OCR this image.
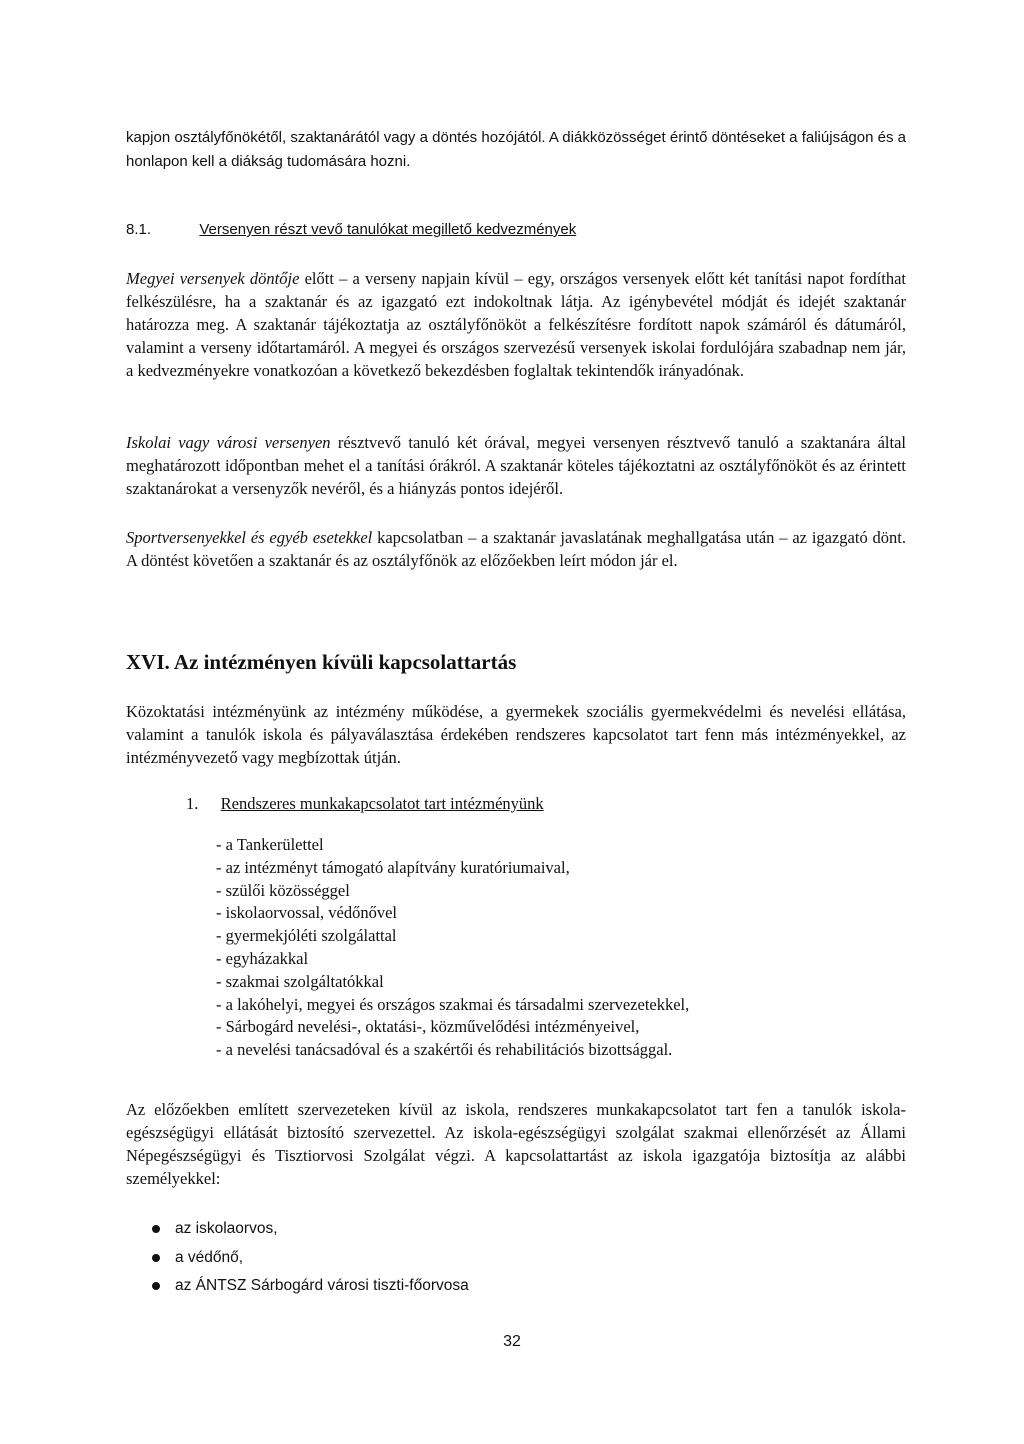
kapjon osztályfőnökétől, szaktanárától vagy a döntés hozójától. A diákközösséget érintő döntéseket a faliújságon és a honlapon kell a diákság tudomására hozni.

8.1.	Versenyen részt vevő tanulókat megillető kedvezmények

Megyei versenyek döntője előtt – a verseny napjain kívül – egy, országos versenyek előtt két tanítási napot fordíthat felkészülésre, ha a szaktanár és az igazgató ezt indokoltnak látja. Az igénybevétel módját és idejét szaktanár határozza meg. A szaktanár tájékoztatja az osztályfőnököt a felkészítésre fordított napok számáról és dátumáról, valamint a verseny időtartamáról. A megyei és országos szervezésű versenyek iskolai fordulójára szabadnap nem jár, a kedvezményekre vonatkozóan a következő bekezdésben foglaltak tekintendők irányadónak.

Iskolai vagy városi versenyen résztvevő tanuló két órával, megyei versenyen résztvevő tanuló a szaktanára által meghatározott időpontban mehet el a tanítási órákról. A szaktanár köteles tájékoztatni az osztályfőnököt és az érintett szaktanárokat a versenyzők nevéről, és a hiányzás pontos idejéről.

Sportversenyekkel és egyéb esetekkel kapcsolatban – a szaktanár javaslatának meghallgatása után – az igazgató dönt. A döntést követően a szaktanár és az osztályfőnök az előzőekben leírt módon jár el.

XVI. Az intézményen kívüli kapcsolattartás

Közoktatási intézményünk az intézmény működése, a gyermekek szociális gyermekvédelmi és nevelési ellátása, valamint a tanulók iskola és pályaválasztása érdekében rendszeres kapcsolatot tart fenn más intézményekkel, az intézményvezető vagy megbízottak útján.

1. Rendszeres munkakapcsolatot tart intézményünk
- a Tankerülettel
- az intézményt támogató alapítvány kuratóriumaival,
- szülői közösséggel
- iskolaorvossal, védőnővel
- gyermekjóléti szolgálattal
- egyházakkal
- szakmai szolgáltatókkal
- a lakóhelyi, megyei és országos szakmai és társadalmi szervezetekkel,
- Sárbogárd nevelési-, oktatási-, közművelődési intézményeivel,
- a nevelési tanácsadóval és a szakértői és rehabilitációs bizottsággal.

Az előzőekben említett szervezeteken kívül az iskola, rendszeres munkakapcsolatot tart fen a tanulók iskola-egészségügyi ellátását biztosító szervezettel. Az iskola-egészségügyi szolgálat szakmai ellenőrzését az Állami Népegészségügyi és Tisztiorvosi Szolgálat végzi. A kapcsolattartást az iskola igazgatója biztosítja az alábbi személyekkel:

az iskolaorvos,
a védőnő,
az ÁNTSZ Sárbogárd városi tiszti-főorvosa
32
